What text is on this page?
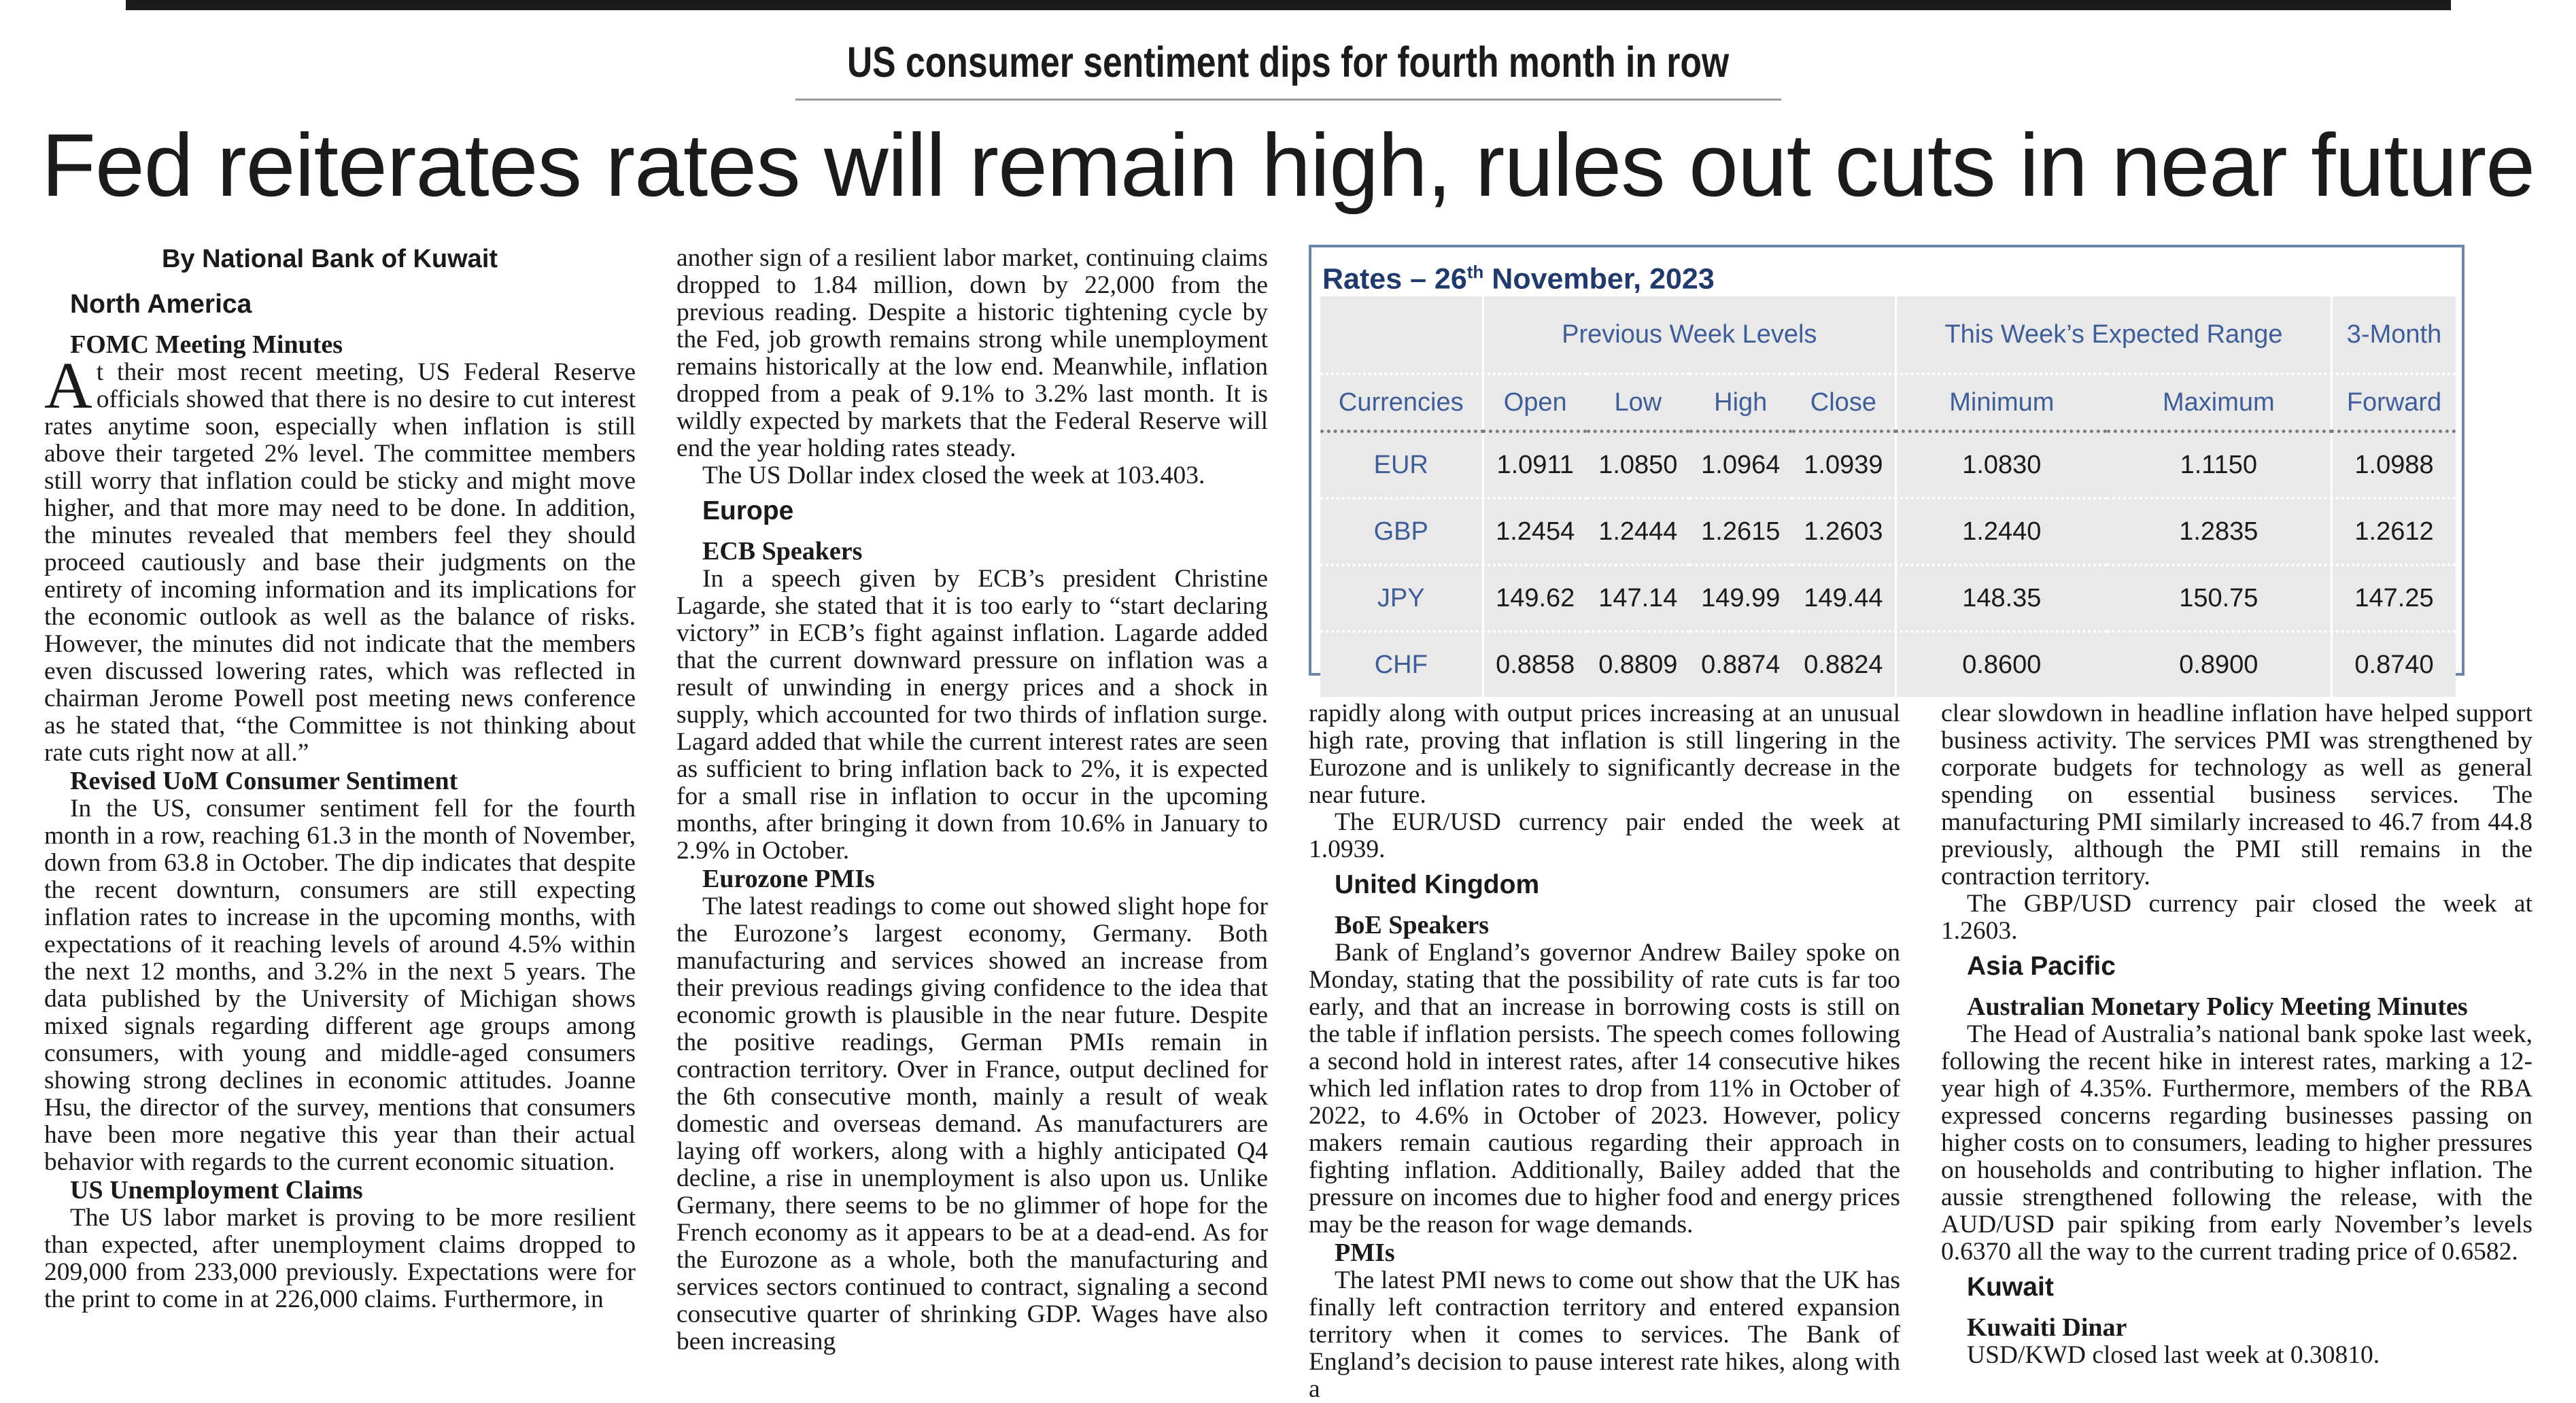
US consumer sentiment dips for fourth month in row
Fed reiterates rates will remain high, rules out cuts in near future
By National Bank of Kuwait
North America
FOMC Meeting Minutes

At their most recent meeting, US Federal Reserve officials showed that there is no desire to cut interest rates anytime soon, especially when inflation is still above their targeted 2% level. The committee members still worry that inflation could be sticky and might move higher, and that more may need to be done. In addition, the minutes revealed that members feel they should proceed cautiously and base their judgments on the entirety of incoming information and its implications for the economic outlook as well as the balance of risks. However, the minutes did not indicate that the members even discussed lowering rates, which was reflected in chairman Jerome Powell post meeting news conference as he stated that, “the Committee is not thinking about rate cuts right now at all.”

Revised UoM Consumer Sentiment

In the US, consumer sentiment fell for the fourth month in a row, reaching 61.3 in the month of November, down from 63.8 in October. The dip indicates that despite the recent downturn, consumers are still expecting inflation rates to increase in the upcoming months, with expectations of it reaching levels of around 4.5% within the next 12 months, and 3.2% in the next 5 years. The data published by the University of Michigan shows mixed signals regarding different age groups among consumers, with young and middle-aged consumers showing strong declines in economic attitudes. Joanne Hsu, the director of the survey, mentions that consumers have been more negative this year than their actual behavior with regards to the current economic situation.

US Unemployment Claims

The US labor market is proving to be more resilient than expected, after unemployment claims dropped to 209,000 from 233,000 previously. Expectations were for the print to come in at 226,000 claims. Furthermore, in

another sign of a resilient labor market, continuing claims dropped to 1.84 million, down by 22,000 from the previous reading. Despite a historic tightening cycle by the Fed, job growth remains strong while unemployment remains historically at the low end. Meanwhile, inflation dropped from a peak of 9.1% to 3.2% last month. It is wildly expected by markets that the Federal Reserve will end the year holding rates steady.

The US Dollar index closed the week at 103.403.

Europe
ECB Speakers

In a speech given by ECB’s president Christine Lagarde, she stated that it is too early to “start declaring victory” in ECB’s fight against inflation. Lagarde added that the current downward pressure on inflation was a result of unwinding in energy prices and a shock in supply, which accounted for two thirds of inflation surge. Lagard added that while the current interest rates are seen as sufficient to bring inflation back to 2%, it is expected for a small rise in inflation to occur in the upcoming months, after bringing it down from 10.6% in January to 2.9% in October.

Eurozone PMIs

The latest readings to come out showed slight hope for the Eurozone’s largest economy, Germany. Both manufacturing and services showed an increase from their previous readings giving confidence to the idea that economic growth is plausible in the near future. Despite the positive readings, German PMIs remain in contraction territory. Over in France, output declined for the 6th consecutive month, mainly a result of weak domestic and overseas demand. As manufacturers are laying off workers, along with a highly anticipated Q4 decline, a rise in unemployment is also upon us. Unlike Germany, there seems to be no glimmer of hope for the French economy as it appears to be at a dead-end. As for the Eurozone as a whole, both the manufacturing and services sectors continued to contract, signaling a second consecutive quarter of shrinking GDP. Wages have also been increasing

Rates – 26th November, 2023
	Previous Week Levels				This Week’s Expected Range		3-Month
Currencies	Open	Low	High	Close	Minimum	Maximum	Forward
EUR	1.0911	1.0850	1.0964	1.0939	1.0830	1.1150	1.0988
GBP	1.2454	1.2444	1.2615	1.2603	1.2440	1.2835	1.2612
JPY	149.62	147.14	149.99	149.44	148.35	150.75	147.25
CHF	0.8858	0.8809	0.8874	0.8824	0.8600	0.8900	0.8740

rapidly along with output prices increasing at an unusual high rate, proving that inflation is still lingering in the Eurozone and is unlikely to significantly decrease in the near future.

The EUR/USD currency pair ended the week at 1.0939.

United Kingdom
BoE Speakers

Bank of England’s governor Andrew Bailey spoke on Monday, stating that the possibility of rate cuts is far too early, and that an increase in borrowing costs is still on the table if inflation persists. The speech comes following a second hold in interest rates, after 14 consecutive hikes which led inflation rates to drop from 11% in October of 2022, to 4.6% in October of 2023. However, policy makers remain cautious regarding their approach in fighting inflation. Additionally, Bailey added that the pressure on incomes due to higher food and energy prices may be the reason for wage demands.

PMIs

The latest PMI news to come out show that the UK has finally left contraction territory and entered expansion territory when it comes to services. The Bank of England’s decision to pause interest rate hikes, along with a

clear slowdown in headline inflation have helped support business activity. The services PMI was strengthened by corporate budgets for technology as well as general spending on essential business services. The manufacturing PMI similarly increased to 46.7 from 44.8 previously, although the PMI still remains in the contraction territory.

The GBP/USD currency pair closed the week at 1.2603.

Asia Pacific
Australian Monetary Policy Meeting Minutes

The Head of Australia’s national bank spoke last week, following the recent hike in interest rates, marking a 12-year high of 4.35%. Furthermore, members of the RBA expressed concerns regarding businesses passing on higher costs on to consumers, leading to higher pressures on households and contributing to higher inflation. The aussie strengthened following the release, with the AUD/USD pair spiking from early November’s levels 0.6370 all the way to the current trading price of 0.6582.

Kuwait
Kuwaiti Dinar

USD/KWD closed last week at 0.30810.
